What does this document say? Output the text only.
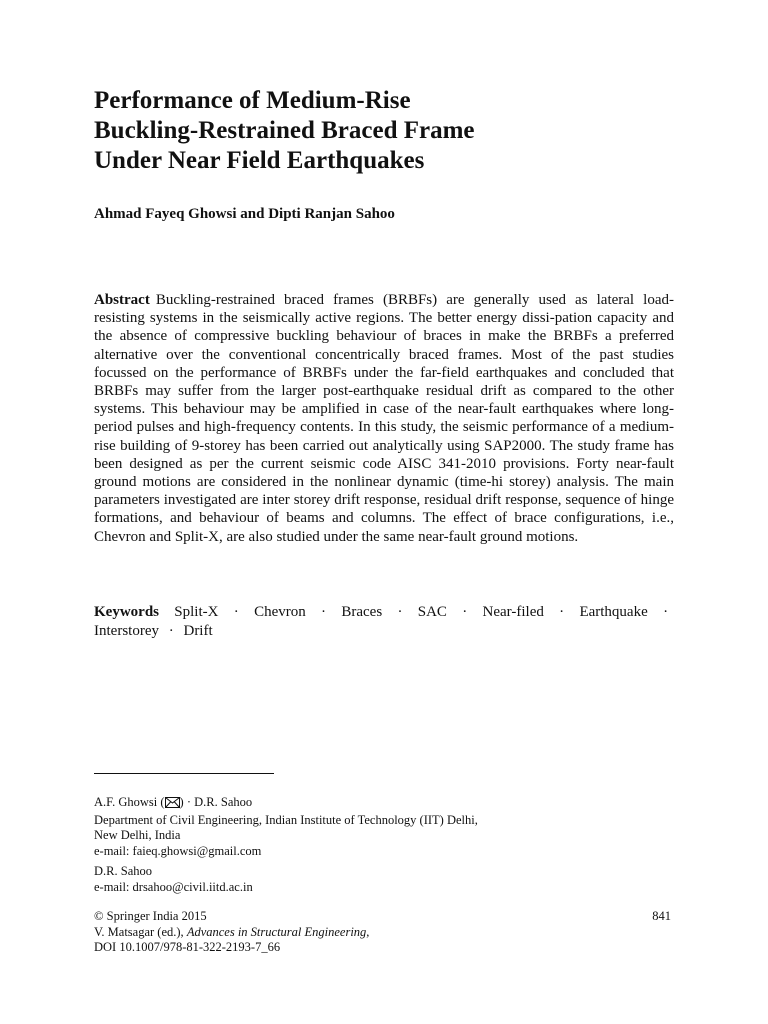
Performance of Medium-Rise
Buckling-Restrained Braced Frame
Under Near Field Earthquakes
Ahmad Fayeq Ghowsi and Dipti Ranjan Sahoo

Abstract Buckling-restrained braced frames (BRBFs) are generally used as lateral load-resisting systems in the seismically active regions. The better energy dissi-pation capacity and the absence of compressive buckling behaviour of braces in make the BRBFs a preferred alternative over the conventional concentrically braced frames. Most of the past studies focussed on the performance of BRBFs under the far-field earthquakes and concluded that BRBFs may suffer from the larger post-earthquake residual drift as compared to the other systems. This behaviour may be amplified in case of the near-fault earthquakes where long-period pulses and high-frequency contents. In this study, the seismic performance of a medium-rise building of 9-storey has been carried out analytically using SAP2000. The study frame has been designed as per the current seismic code AISC 341-2010 provisions. Forty near-fault ground motions are considered in the nonlinear dynamic (time-hi storey) analysis. The main parameters investigated are inter storey drift response, residual drift response, sequence of hinge formations, and behaviour of beams and columns. The effect of brace configurations, i.e., Chevron and Split-X, are also studied under the same near-fault ground motions.

Keywords Split-X · Chevron · Braces · SAC · Near-filed · Earthquake · Interstorey · Drift
A.F. Ghowsi ( ) · D.R. Sahoo
Department of Civil Engineering, Indian Institute of Technology (IIT) Delhi,
New Delhi, India
e-mail: faieq.ghowsi@gmail.com
D.R. Sahoo
e-mail: drsahoo@civil.iitd.ac.in
© Springer India 2015
V. Matsagar (ed.), Advances in Structural Engineering,
DOI 10.1007/978-81-322-2193-7_66
841
